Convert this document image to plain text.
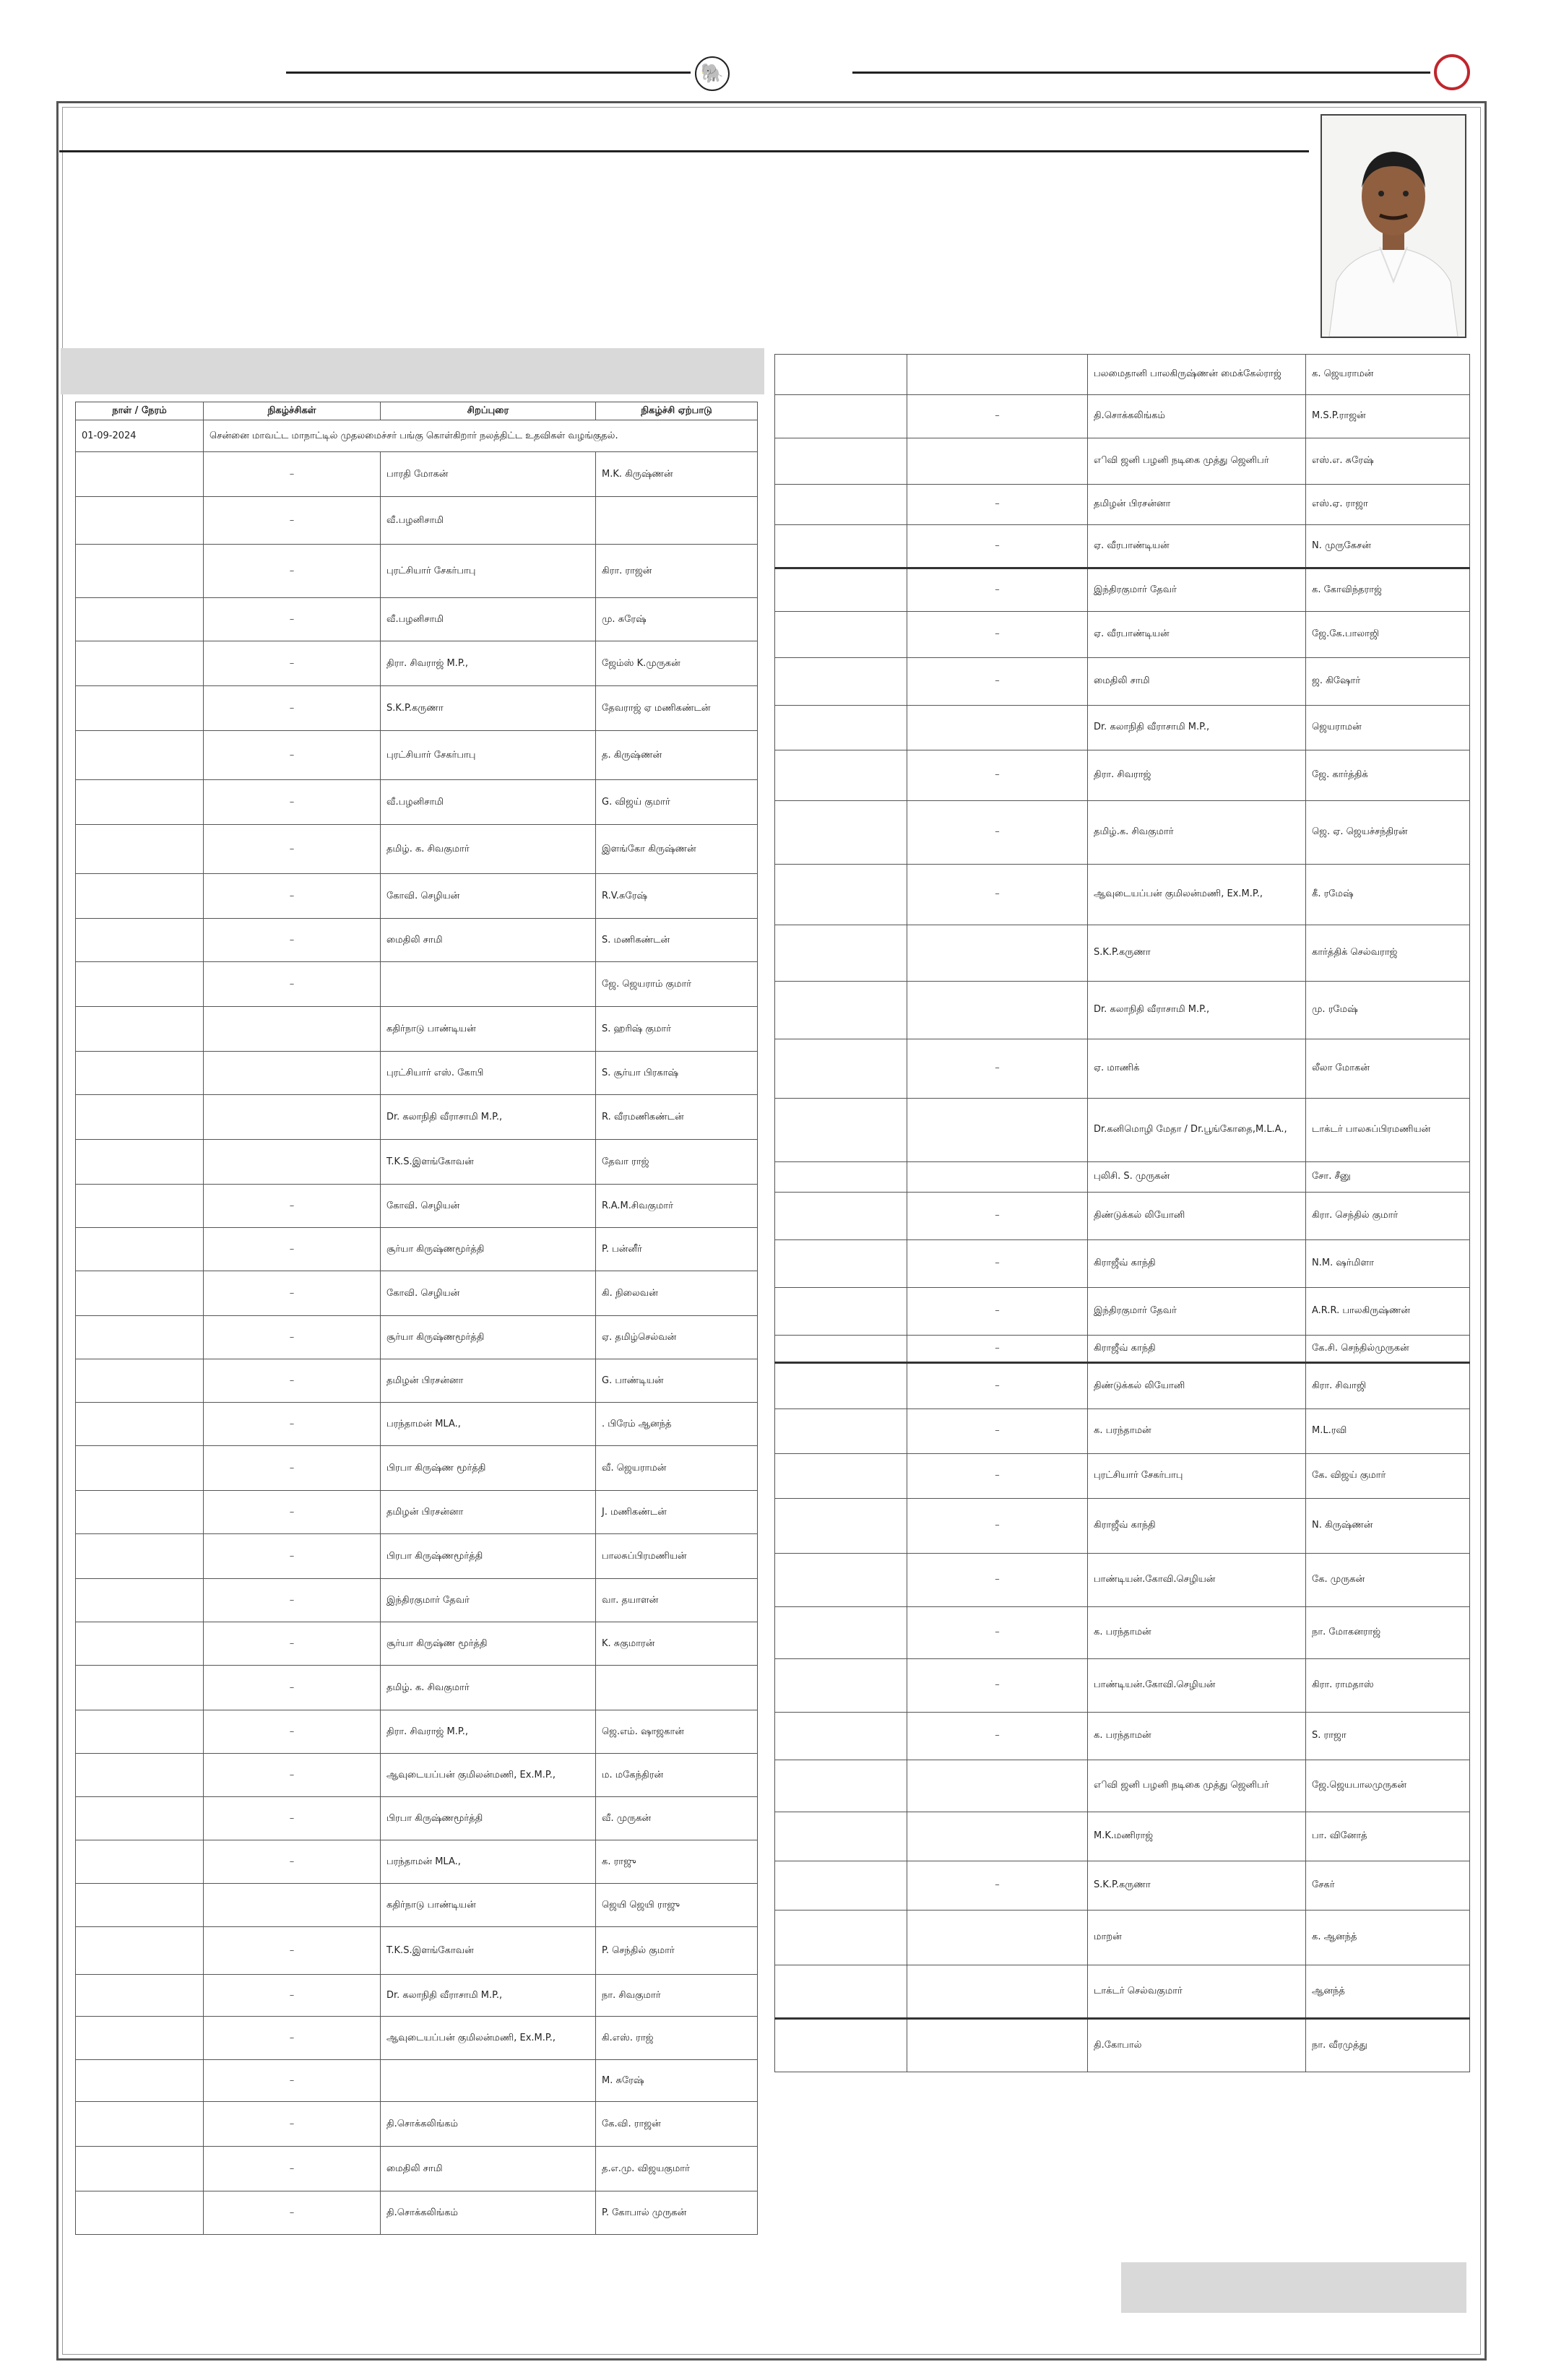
🐘
நாள் / நேரம்	நிகழ்ச்சிகள்	சிறப்புரை	நிகழ்ச்சி ஏற்பாடு
01-09-2024	சென்னை மாவட்ட மாநாட்டில் முதலமைச்சர் பங்கு கொள்கிறார் நலத்திட்ட உதவிகள் வழங்குதல்.		
	–	பாரதி மோகன்	M.K. கிருஷ்ணன்
	–	வீ.பழனிசாமி	
	–	புரட்சியார் சேகர்பாபு	கிரா. ராஜன்
	–	வீ.பழனிசாமி	மு. சுரேஷ்
	–	திரா. சிவராஜ் M.P.,	ஜேம்ஸ் K.முருகன்
	–	S.K.P.கருணா	தேவராஜ் ஏ மணிகண்டன்
	–	புரட்சியார் சேகர்பாபு	த. கிருஷ்ணன்
	–	வீ.பழனிசாமி	G. விஜய் குமார்
	–	தமிழ். க. சிவகுமார்	இளங்கோ கிருஷ்ணன்
	–	கோவி. செழியன்	R.V.சுரேஷ்
	–	மைதிலி சாமி	S. மணிகண்டன்
	–		ஜே. ஜெயராம் குமார்
		கதிர்நாடு பாண்டியன்	S. ஹரிஷ் குமார்
		புரட்சியார் எஸ். கோபி	S. சூர்யா பிரகாஷ்
		Dr. கலாநிதி வீராசாமி M.P.,	R. வீரமணிகண்டன்
		T.K.S.இளங்கோவன்	தேவா ராஜ்
	–	கோவி. செழியன்	R.A.M.சிவகுமார்
	–	சூர்யா கிருஷ்ணமூர்த்தி	P. பன்னீர்
	–	கோவி. செழியன்	கி. நிலைவன்
	–	சூர்யா கிருஷ்ணமூர்த்தி	ஏ. தமிழ்செல்வன்
	–	தமிழன் பிரசன்னா	G. பாண்டியன்
	–	பரந்தாமன் MLA.,	. பிரேம் ஆனந்த்
	–	பிரபா கிருஷ்ண மூர்த்தி	வீ. ஜெயராமன்
	–	தமிழன் பிரசன்னா	J. மணிகண்டன்
	–	பிரபா கிருஷ்ணமூர்த்தி	பாலசுப்பிரமணியன்
	–	இந்திரகுமார் தேவர்	வா. தயாளன்
	–	சூர்யா கிருஷ்ண மூர்த்தி	K. சுகுமாரன்
	–	தமிழ். க. சிவகுமார்	
	–	திரா. சிவராஜ் M.P.,	ஜெ.எம். ஷாஜகான்
	–	ஆவுடையப்பன் குமிலன்மணி, Ex.M.P.,	ம. மகேந்திரன்
	–	பிரபா கிருஷ்ணமூர்த்தி	வீ. முருகன்
	–	பரந்தாமன் MLA.,	க. ராஜு
		கதிர்நாடு பாண்டியன்	ஜெயி ஜெயி ராஜு
	–	T.K.S.இளங்கோவன்	P. செந்தில் குமார்
	–	Dr. கலாநிதி வீராசாமி M.P.,	நா. சிவகுமார்
	–	ஆவுடையப்பன் குமிலன்மணி, Ex.M.P.,	கி.எஸ். ராஜ்
	–		M. சுரேஷ்
	–	தி.சொக்கலிங்கம்	கே.வி. ராஜன்
	–	மைதிலி சாமி	த.எ.மு. விஜயகுமார்
	–	தி.சொக்கலிங்கம்	P. கோபால் முருகன்
		பலமைதானி பாலகிருஷ்ணன் மைக்கேல்ராஜ்	க. ஜெயராமன்
	–	தி.சொக்கலிங்கம்	M.S.P.ராஜன்
		எிவி ஜனி பழனி நடிகை முத்து ஜெனிபர்	எஸ்.எ. சுரேஷ்
	–	தமிழன் பிரசன்னா	எஸ்.ஏ. ராஜா
	–	ஏ. வீரபாண்டியன்	N. முருகேசன்
	–	இந்திரகுமார் தேவர்	க. கோவிந்தராஜ்
	–	ஏ. வீரபாண்டியன்	ஜே.கே.பாலாஜி
	–	மைதிலி சாமி	ஜ. கிஷோர்
		Dr. கலாநிதி வீராசாமி M.P.,	ஜெயராமன்
	–	திரா. சிவராஜ்	ஜே. கார்த்திக்
	–	தமிழ்.க. சிவகுமார்	ஜெ. ஏ. ஜெயச்சந்திரன்
	–	ஆவுடையப்பன் குமிலன்மணி, Ex.M.P.,	கீ. ரமேஷ்
		S.K.P.கருணா	கார்த்திக் செல்வராஜ்
		Dr. கலாநிதி வீராசாமி M.P.,	மு. ரமேஷ்
	–	ஏ. மாணிக்	லீலா மோகன்
		Dr.கனிமொழி மேதா / Dr.பூங்கோதை,M.L.A.,	டாக்டர் பாலசுப்பிரமணியன்
		புலிசி. S. முருகன்	சோ. சீனு
	–	திண்டுக்கல் லியோனி	கிரா. செந்தில் குமார்
	–	கிராஜீவ் காந்தி	N.M. ஷர்மிளா
	–	இந்திரகுமார் தேவர்	A.R.R. பாலகிருஷ்ணன்
	–	கிராஜீவ் காந்தி	கே.சி. செந்தில்முருகன்
	–	திண்டுக்கல் லியோனி	கிரா. சிவாஜி
	–	க. பரந்தாமன்	M.L.ரவி
	–	புரட்சியார் சேகர்பாபு	கே. விஜய் குமார்
	–	கிராஜீவ் காந்தி	N. கிருஷ்ணன்
	–	பாண்டியன்.கோவி.செழியன்	கே. முருகன்
	–	க. பரந்தாமன்	நா. மோகனராஜ்
	–	பாண்டியன்.கோவி.செழியன்	கிரா. ராமதாஸ்
	–	க. பரந்தாமன்	S. ராஜா
		எிவி ஜனி பழனி நடிகை முத்து ஜெனிபர்	ஜே.ஜெயபாலமுருகன்
		M.K.மணிராஜ்	பா. வினோத்
	–	S.K.P.கருணா	சேகர்
		மாறன்	க. ஆனந்த்
		டாக்டர் செல்வகுமார்	ஆனந்த்
		தி.கோபால்	நா. வீரமுத்து
